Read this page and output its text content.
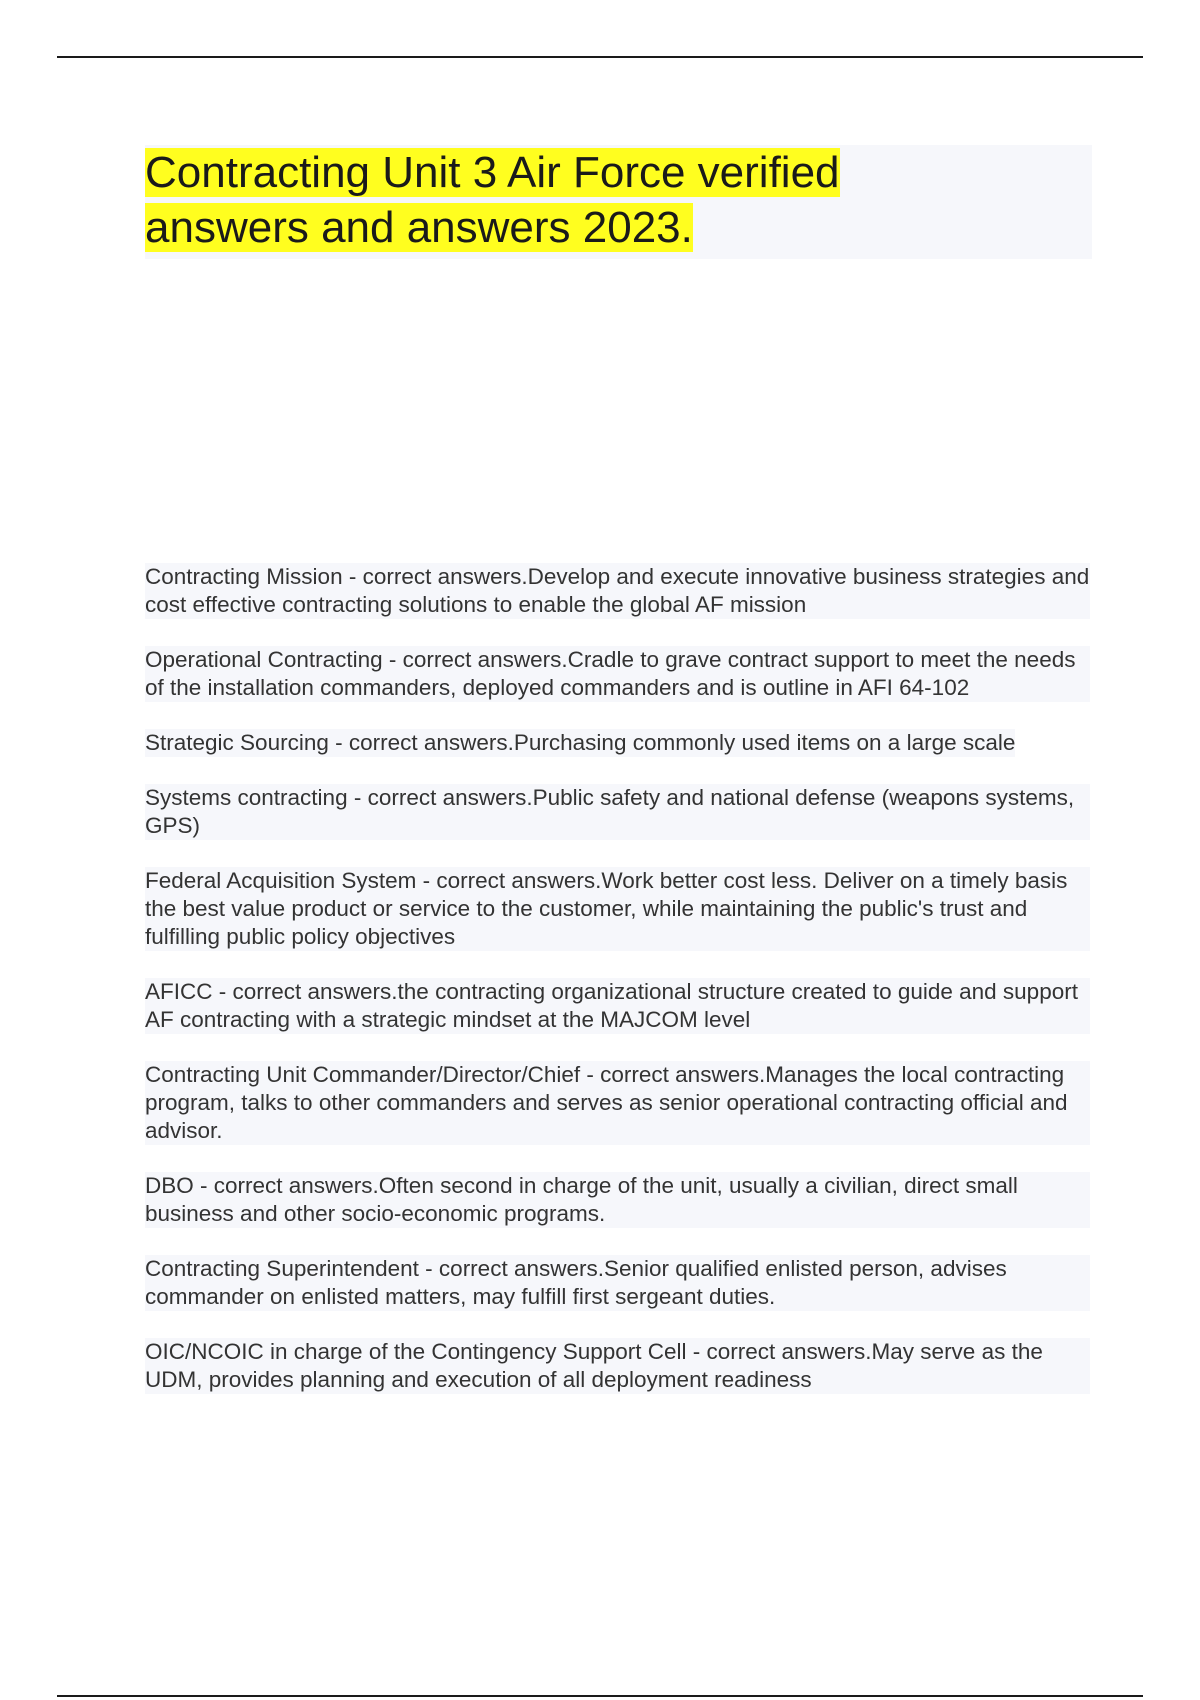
Contracting Unit 3 Air Force verified
answers and answers 2023.
Contracting Mission - correct answers.Develop and execute innovative business strategies and cost effective contracting solutions to enable the global AF mission
Operational Contracting - correct answers.Cradle to grave contract support to meet the needs of the installation commanders, deployed commanders and is outline in AFI 64-102
Strategic Sourcing - correct answers.Purchasing commonly used items on a large scale
Systems contracting - correct answers.Public safety and national defense (weapons systems, GPS)
Federal Acquisition System - correct answers.Work better cost less. Deliver on a timely basis the best value product or service to the customer, while maintaining the public's trust and fulfilling public policy objectives
AFICC - correct answers.the contracting organizational structure created to guide and support AF contracting with a strategic mindset at the MAJCOM level
Contracting Unit Commander/Director/Chief - correct answers.Manages the local contracting program, talks to other commanders and serves as senior operational contracting official and advisor.
DBO - correct answers.Often second in charge of the unit, usually a civilian, direct small business and other socio-economic programs.
Contracting Superintendent - correct answers.Senior qualified enlisted person, advises commander on enlisted matters, may fulfill first sergeant duties.
OIC/NCOIC in charge of the Contingency Support Cell - correct answers.May serve as the UDM, provides planning and execution of all deployment readiness
